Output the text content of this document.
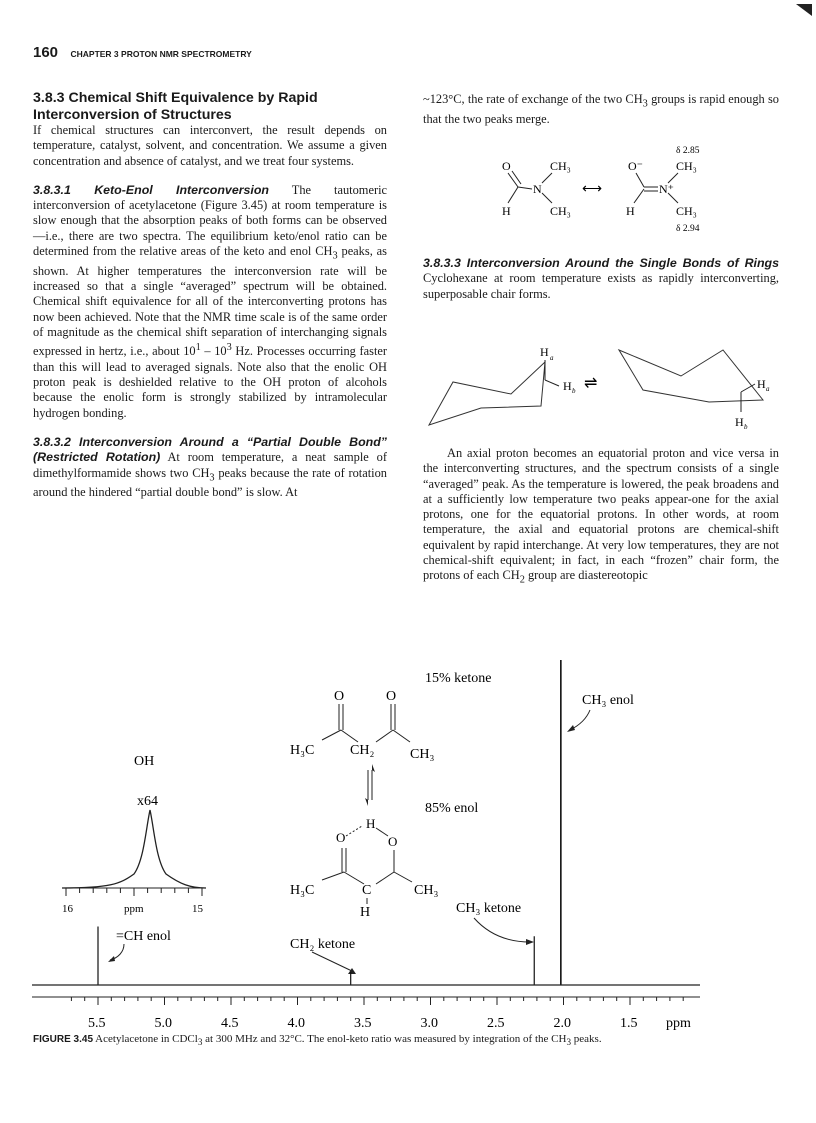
160 CHAPTER 3 PROTON NMR SPECTROMETRY

3.8.3 Chemical Shift Equivalence by Rapid Interconversion of Structures

If chemical structures can interconvert, the result depends on temperature, catalyst, solvent, and concentration. We assume a given concentration and absence of catalyst, and we treat four systems.

3.8.3.1 Keto-Enol Interconversion The tautomeric interconversion of acetylacetone (Figure 3.45) at room temperature is slow enough that the absorption peaks of both forms can be observed—i.e., there are two spectra. The equilibrium keto/enol ratio can be determined from the relative areas of the keto and enol $CH_3$ peaks, as shown. At higher temperatures the interconversion rate will be increased so that a single “averaged” spectrum will be obtained. Chemical shift equivalence for all of the interconverting protons has now been achieved. Note that the NMR time scale is of the same order of magnitude as the chemical shift separation of interchanging signals expressed in hertz, i.e., about $10^1 - 10^3$ Hz. Processes occurring faster than this will lead to averaged signals. Note also that the enolic OH proton peak is deshielded relative to the OH proton of alcohols because the enolic form is strongly stabilized by intramolecular hydrogen bonding.

3.8.3.2 Interconversion Around a “Partial Double Bond” (Restricted Rotation) At room temperature, a neat sample of dimethylformamide shows two $CH_3$ peaks because the rate of rotation around the hindered “partial double bond” is slow. At

~123°C, the rate of exchange of the two $CH_3$ groups is rapid enough so that the two peaks merge.

δ 2.85
O	CH₃
N
H	CH₃
⟷
O⁻	CH₃
N⁺
H	CH₃
δ 2.94

3.8.3.3 Interconversion Around the Single Bonds of Rings Cyclohexane at room temperature exists as rapidly interconverting, superposable chair forms.

H a
H b ⇌	H a
H b

An axial proton becomes an equatorial proton and vice versa in the interconverting structures, and the spectrum consists of a single “averaged” peak. As the temperature is lowered, the peak broadens and at a sufficiently low temperature two peaks appear-one for the axial protons, one for the equatorial protons. In other words, at room temperature, the axial and equatorial protons are chemical-shift equivalent by rapid interchange. At very low temperatures, they are not chemical-shift equivalent; in fact, in each “frozen” chair form, the protons of each $CH_2$ group are diastereotopic

O	O
H₃C	CH₂	CH₃
15% ketone
85% enol
H
O	O
H₃C	C	CH₃
H
OH
x64
16	ppm	15
=CH enol
CH₂ ketone
CH₃ ketone
CH₃ enol
5.5	5.0	4.5	4.0	3.5	3.0	2.5	2.0	1.5 ppm
FIGURE 3.45 Acetylacetone in CDCl$_3$ at 300 MHz and 32°C. The enol-keto ratio was measured by integration of the $CH_3$ peaks.
